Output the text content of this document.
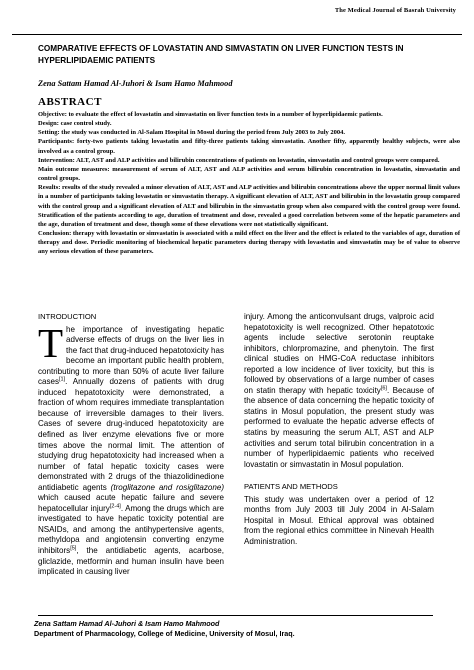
The Medical Journal of Basrah University
COMPARATIVE EFFECTS OF LOVASTATIN AND SIMVASTATIN ON LIVER FUNCTION TESTS IN HYPERLIPIDAEMIC PATIENTS
Zena Sattam Hamad Al-Juhori & Isam Hamo Mahmood
ABSTRACT

Objective: to evaluate the effect of lovastatin and simvastatin on liver function tests in a number of hyperlipidaemic patients.

Design: case control study.

Setting: the study was conducted in Al-Salam Hospital in Mosul during the period from July 2003 to July 2004.

Participants: forty-two patients taking lovastatin and fifty-three patients taking simvastatin. Another fifty, apparently healthy subjects, were also involved as a control group.

Intervention: ALT, AST and ALP activities and bilirubin concentrations of patients on lovastatin, simvastatin and control groups were compared.

Main outcome measures: measurement of serum of ALT, AST and ALP activities and serum bilirubin concentration in lovastatin, simvastatin and control groups.

Results: results of the study revealed a minor elevation of ALT, AST and ALP activities and bilirubin concentrations above the upper normal limit values in a number of participants taking lovastatin or simvastatin therapy. A significant elevation of ALT, AST and bilirubin in the lovastatin group compared with the control group and a significant elevation of ALT and bilirubin in the simvastatin group when also compared with the control group were found. Stratification of the patients according to age, duration of treatment and dose, revealed a good correlation between some of the hepatic parameters and the age, duration of treatment and dose, though some of these elevations were not statistically significant.

Conclusion: therapy with lovastatin or simvastatin is associated with a mild effect on the liver and the effect is related to the variables of age, duration of therapy and dose. Periodic monitoring of biochemical hepatic parameters during therapy with lovastatin and simvastatin may be of value to observe any serious elevation of these parameters.

INTRODUCTION

The importance of investigating hepatic adverse effects of drugs on the liver lies in the fact that drug-induced hepatotoxicity has become an important public health problem, contributing to more than 50% of acute liver failure cases[1]. Annually dozens of patients with drug induced hepatotoxicity were demonstrated, a fraction of whom requires immediate transplantation because of irreversible damages to their livers. Cases of severe drug-induced hepatotoxicity are defined as liver enzyme elevations five or more times above the normal limit. The attention of studying drug hepatotoxicity had increased when a number of fatal hepatic toxicity cases were demonstrated with 2 drugs of the thiazolidinedione antidiabetic agents (troglitazone and rosiglitazone) which caused acute hepatic failure and severe hepatocellular injury[2-4]. Among the drugs which are investigated to have hepatic toxicity potential are NSAIDs, and among the antihypertensive agents, methyldopa and angiotensin converting enzyme inhibitors[5], the antidiabetic agents, acarbose, gliclazide, metformin and human insulin have been implicated in causing liver

injury. Among the anticonvulsant drugs, valproic acid hepatotoxicity is well recognized. Other hepatotoxic agents include selective serotonin reuptake inhibitors, chlorpromazine, and phenytoin. The first clinical studies on HMG-CoA reductase inhibitors reported a low incidence of liver toxicity, but this is followed by observations of a large number of cases on statin therapy with hepatic toxicity[6]. Because of the absence of data concerning the hepatic toxicity of statins in Mosul population, the present study was performed to evaluate the hepatic adverse effects of statins by measuring the serum ALT, AST and ALP activities and serum total bilirubin concentration in a number of hyperlipidaemic patients who received lovastatin or simvastatin in Mosul population.

PATIENTS AND METHODS

This study was undertaken over a period of 12 months from July 2003 till July 2004 in Al-Salam Hospital in Mosul. Ethical approval was obtained from the regional ethics committee in Ninevah Health Administration.

Zena Sattam Hamad Al-Juhori & Isam Hamo Mahmood
Department of Pharmacology, College of Medicine, University of Mosul, Iraq.
